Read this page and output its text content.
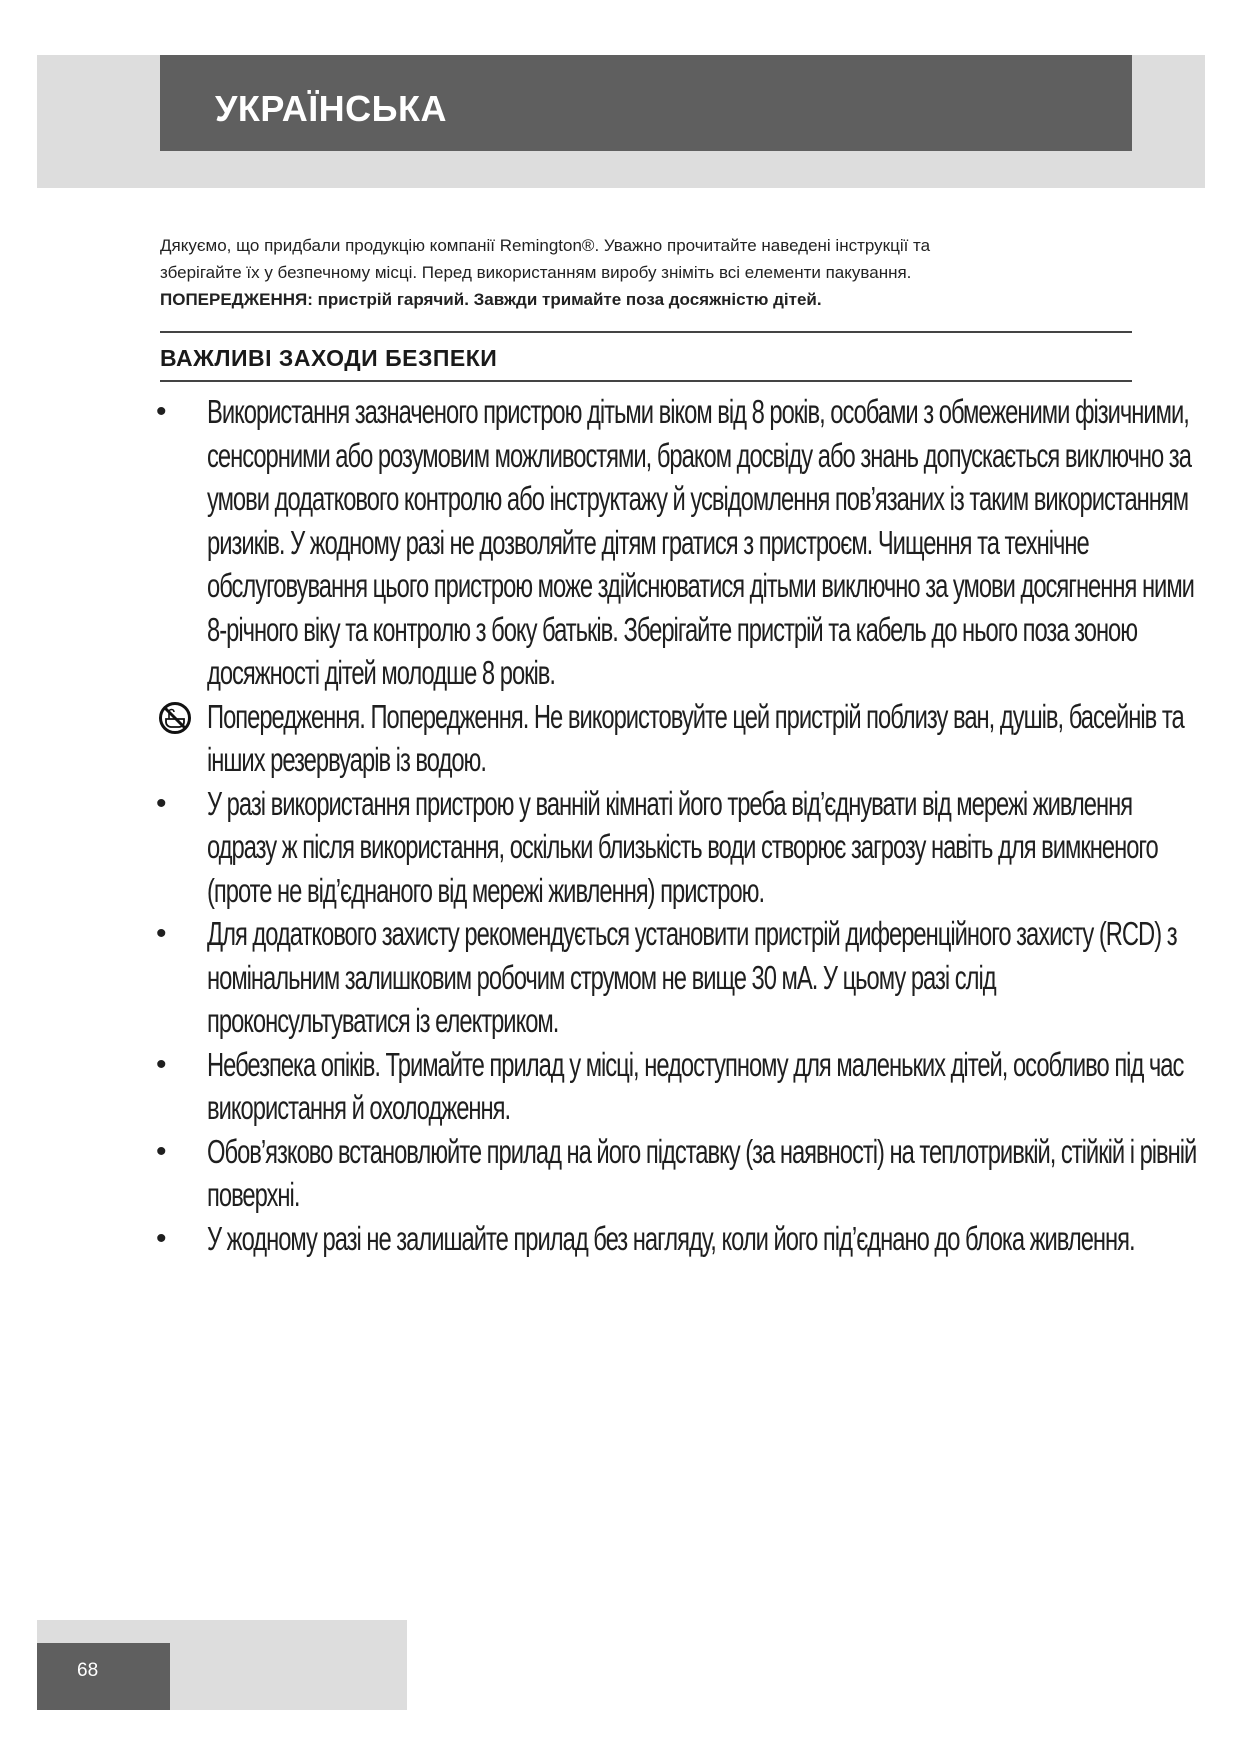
УКРАЇНСЬКА
Дякуємо, що придбали продукцію компанії Remington®. Уважно прочитайте наведені інструкції та
зберігайте їх у безпечному місці. Перед використанням виробу зніміть всі елементи пакування.
ПОПЕРЕДЖЕННЯ: пристрій гарячий. Завжди тримайте поза досяжністю дітей.
ВАЖЛИВІ ЗАХОДИ БЕЗПЕКИ
•	Використання зазначеного пристрою дітьми віком від 8 років, особами з обмеженими фізичними, сенсорними або розумовим можливостями, браком досвіду або знань допускається виключно за умови додаткового контролю або інструктажу й усвідомлення пов’язаних із таким використанням ризиків. У жодному разі не дозволяйте дітям гратися з пристроєм. Чищення та технічне обслуговування цього пристрою може здійснюватися дітьми виключно за умови досягнення ними 8-річного віку та контролю з боку батьків. Зберігайте пристрій та кабель до нього поза зоною досяжності дітей молодше 8 років.
Попередження. Попередження. Не використовуйте цей пристрій поблизу ван, душів, басейнів та інших резервуарів із водою.
•	У разі використання пристрою у ванній кімнаті його треба від’єднувати від мережі живлення одразу ж після використання, оскільки близькість води створює загрозу навіть для вимкненого (проте не від’єднаного від мережі живлення) пристрою.
•	Для додаткового захисту рекомендується установити пристрій диференційного захисту (RCD) з номінальним залишковим робочим струмом не вище 30 мА. У цьому разі слід проконсультуватися із електриком.
•	Небезпека опіків. Тримайте прилад у місці, недоступному для маленьких дітей, особливо під час використання й охолодження.
•	Обов’язково встановлюйте прилад на його підставку (за наявності) на теплотривкій, стійкій і рівній поверхні.
•	У жодному разі не залишайте прилад без нагляду, коли його під’єднано до блока живлення.
68
